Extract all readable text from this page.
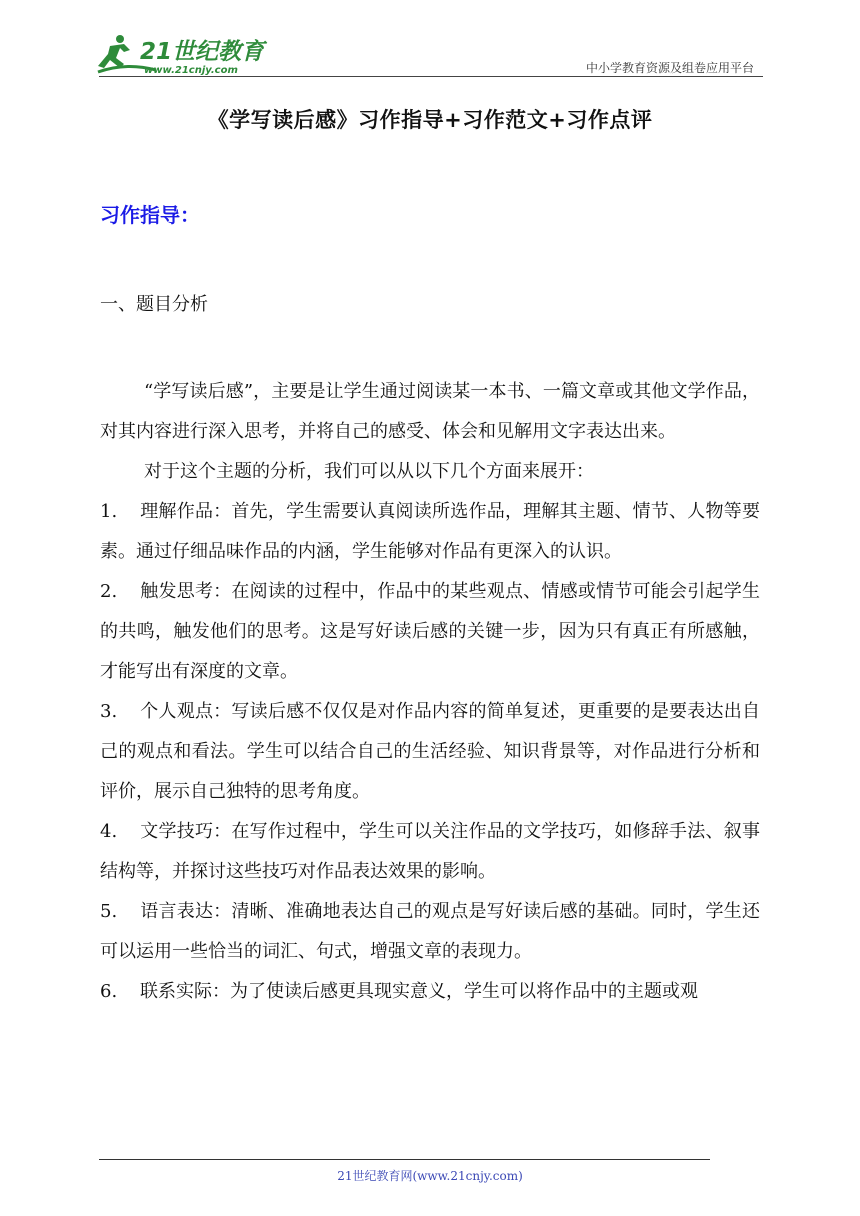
21世纪教育
www.21cnjy.com	中小学教育资源及组卷应用平台
《学写读后感》习作指导+习作范文+习作点评
习作指导：
一、题目分析

“学写读后感”，主要是让学生通过阅读某一本书、一篇文章或其他文学作品，对其内容进行深入思考，并将自己的感受、体会和见解用文字表达出来。

对于这个主题的分析，我们可以从以下几个方面来展开：

1. 理解作品：首先，学生需要认真阅读所选作品，理解其主题、情节、人物等要素。通过仔细品味作品的内涵，学生能够对作品有更深入的认识。
2. 触发思考：在阅读的过程中，作品中的某些观点、情感或情节可能会引起学生的共鸣，触发他们的思考。这是写好读后感的关键一步，因为只有真正有所感触，才能写出有深度的文章。
3. 个人观点：写读后感不仅仅是对作品内容的简单复述，更重要的是要表达出自己的观点和看法。学生可以结合自己的生活经验、知识背景等，对作品进行分析和评价，展示自己独特的思考角度。
4. 文学技巧：在写作过程中，学生可以关注作品的文学技巧，如修辞手法、叙事结构等，并探讨这些技巧对作品表达效果的影响。
5. 语言表达：清晰、准确地表达自己的观点是写好读后感的基础。同时，学生还可以运用一些恰当的词汇、句式，增强文章的表现力。
6. 联系实际：为了使读后感更具现实意义，学生可以将作品中的主题或观
21世纪教育网(www.21cnjy.com)
